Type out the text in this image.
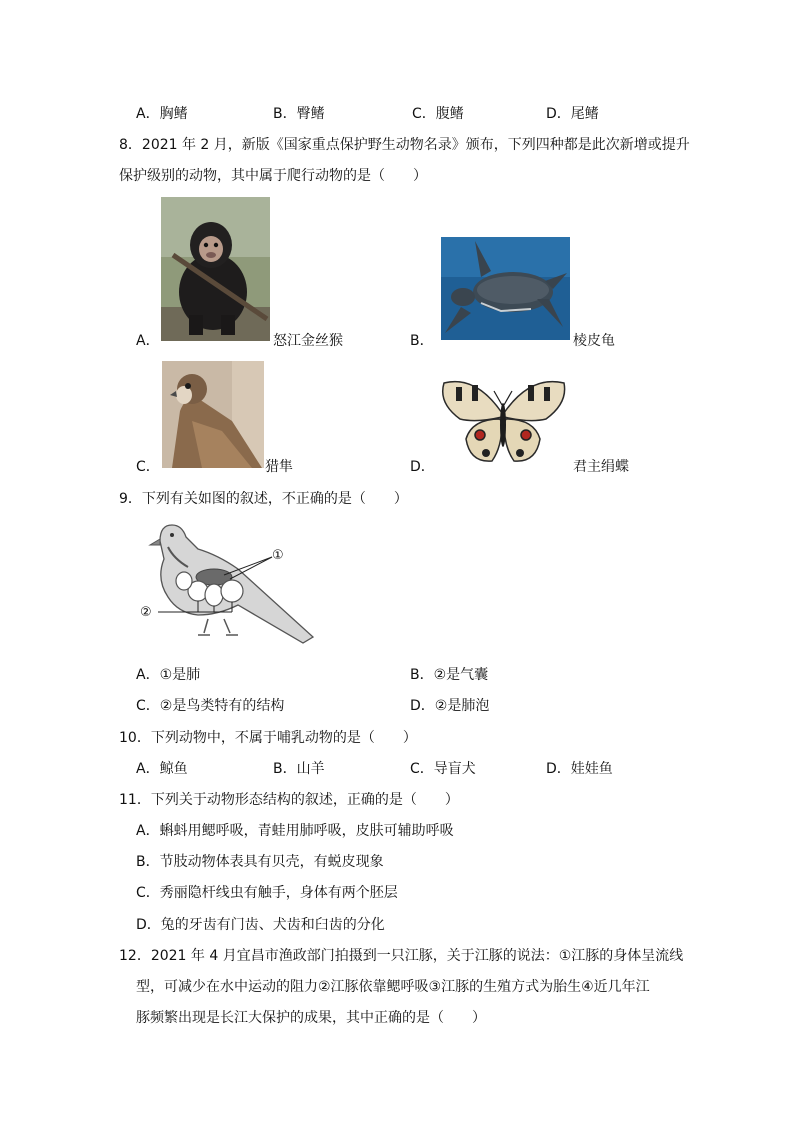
A．胸鳍	B．臀鳍	C．腹鳍	D．尾鳍
8．2021 年 2 月，新版《国家重点保护野生动物名录》颁布，下列四种都是此次新增或提升
保护级别的动物，其中属于爬行动物的是（　　）
A．	怒江金丝猴	B．	棱皮龟
C．	猎隼	D．	君主绢蝶
9．下列有关如图的叙述，不正确的是（　　）
①
②
A．①是肺	B．②是气囊
C．②是鸟类特有的结构	D．②是肺泡
10．下列动物中，不属于哺乳动物的是（　　）
A．鲸鱼	B．山羊	C．导盲犬	D．娃娃鱼
11．下列关于动物形态结构的叙述，正确的是（　　）
A．蝌蚪用鳃呼吸，青蛙用肺呼吸，皮肤可辅助呼吸
B．节肢动物体表具有贝壳，有蜕皮现象
C．秀丽隐杆线虫有触手，身体有两个胚层
D．兔的牙齿有门齿、犬齿和臼齿的分化
12．2021 年 4 月宜昌市渔政部门拍摄到一只江豚，关于江豚的说法：①江豚的身体呈流线
型，可减少在水中运动的阻力②江豚依靠鳃呼吸③江豚的生殖方式为胎生④近几年江
豚频繁出现是长江大保护的成果，其中正确的是（　　）
